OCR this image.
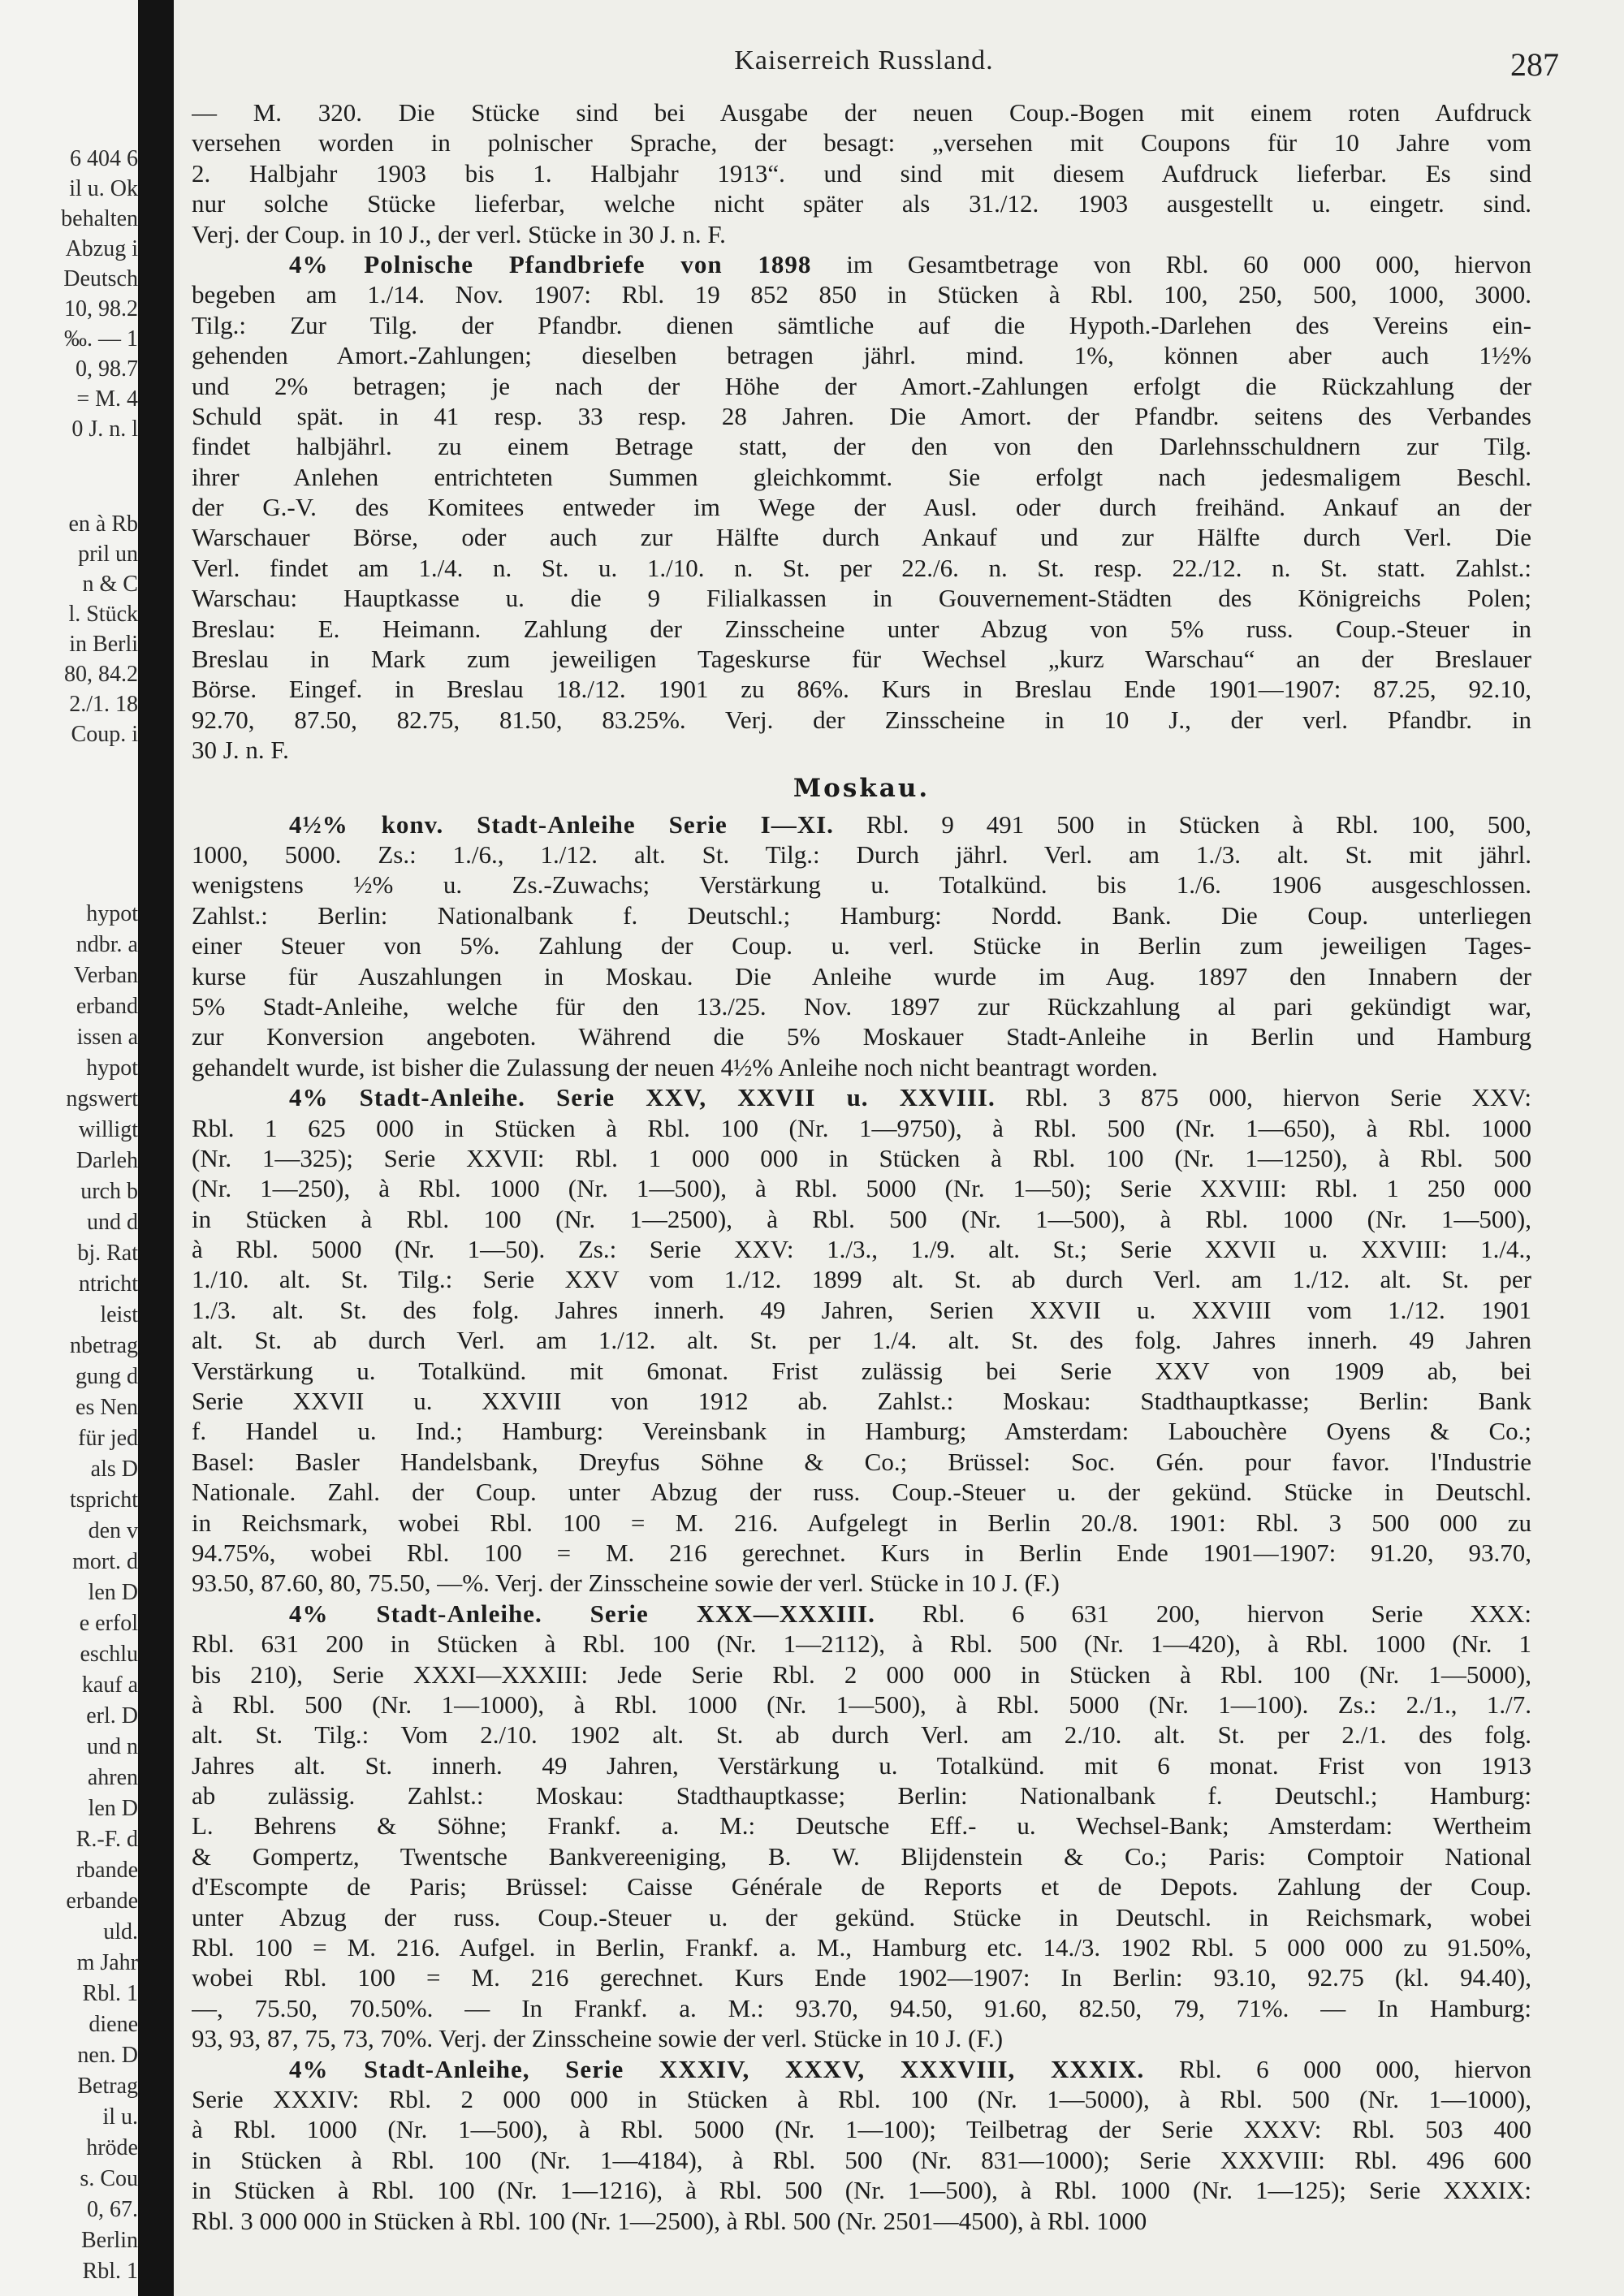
6 404 6
il u. Ok
behalten
Abzug i
Deutsch
10, 98.2
‰. — 1
0, 98.7
= M. 4
0 J. n. l
en à Rb
pril un
n & C
l. Stück
in Berli
80, 84.2
2./1. 18
Coup. i
hypot
ndbr. a
Verban
erband
issen a
hypot
ngswert
willigt
Darleh
urch b
und d
bj. Rat
ntricht
leist
nbetrag
gung d
es Nen
für jed
als D
tspricht
den v
mort. d
len D
e erfol
eschlu
kauf a
erl. D
und n
ahren
len D
R.-F. d
rbande
erbande
uld.
m Jahr
Rbl. 1
diene
nen. D
Betrag
il u.
hröde
s. Cou
0, 67.
Berlin
Rbl. 1
Kaiserreich Russland.	287
— M. 320. Die Stücke sind bei Ausgabe der neuen Coup.-Bogen mit einem roten Aufdruck
versehen worden in polnischer Sprache, der besagt: „versehen mit Coupons für 10 Jahre vom
2. Halbjahr 1903 bis 1. Halbjahr 1913“. und sind mit diesem Aufdruck lieferbar. Es sind
nur solche Stücke lieferbar, welche nicht später als 31./12. 1903 ausgestellt u. eingetr. sind.
Verj. der Coup. in 10 J., der verl. Stücke in 30 J. n. F.
4% Polnische Pfandbriefe von 1898 im Gesamtbetrage von Rbl. 60 000 000, hiervon
begeben am 1./14. Nov. 1907: Rbl. 19 852 850 in Stücken à Rbl. 100, 250, 500, 1000, 3000.
Tilg.: Zur Tilg. der Pfandbr. dienen sämtliche auf die Hypoth.-Darlehen des Vereins ein-
gehenden Amort.-Zahlungen; dieselben betragen jährl. mind. 1%, können aber auch 1½%
und 2% betragen; je nach der Höhe der Amort.-Zahlungen erfolgt die Rückzahlung der
Schuld spät. in 41 resp. 33 resp. 28 Jahren. Die Amort. der Pfandbr. seitens des Verbandes
findet halbjährl. zu einem Betrage statt, der den von den Darlehnsschuldnern zur Tilg.
ihrer Anlehen entrichteten Summen gleichkommt. Sie erfolgt nach jedesmaligem Beschl.
der G.-V. des Komitees entweder im Wege der Ausl. oder durch freihänd. Ankauf an der
Warschauer Börse, oder auch zur Hälfte durch Ankauf und zur Hälfte durch Verl. Die
Verl. findet am 1./4. n. St. u. 1./10. n. St. per 22./6. n. St. resp. 22./12. n. St. statt. Zahlst.:
Warschau: Hauptkasse u. die 9 Filialkassen in Gouvernement-Städten des Königreichs Polen;
Breslau: E. Heimann. Zahlung der Zinsscheine unter Abzug von 5% russ. Coup.-Steuer in
Breslau in Mark zum jeweiligen Tageskurse für Wechsel „kurz Warschau“ an der Breslauer
Börse. Eingef. in Breslau 18./12. 1901 zu 86%. Kurs in Breslau Ende 1901—1907: 87.25, 92.10,
92.70, 87.50, 82.75, 81.50, 83.25%. Verj. der Zinsscheine in 10 J., der verl. Pfandbr. in
30 J. n. F.
Moskau.
4½% konv. Stadt-Anleihe Serie I—XI. Rbl. 9 491 500 in Stücken à Rbl. 100, 500,
1000, 5000. Zs.: 1./6., 1./12. alt. St. Tilg.: Durch jährl. Verl. am 1./3. alt. St. mit jährl.
wenigstens ½% u. Zs.-Zuwachs; Verstärkung u. Totalkünd. bis 1./6. 1906 ausgeschlossen.
Zahlst.: Berlin: Nationalbank f. Deutschl.; Hamburg: Nordd. Bank. Die Coup. unterliegen
einer Steuer von 5%. Zahlung der Coup. u. verl. Stücke in Berlin zum jeweiligen Tages-
kurse für Auszahlungen in Moskau. Die Anleihe wurde im Aug. 1897 den Innabern der
5% Stadt-Anleihe, welche für den 13./25. Nov. 1897 zur Rückzahlung al pari gekündigt war,
zur Konversion angeboten. Während die 5% Moskauer Stadt-Anleihe in Berlin und Hamburg
gehandelt wurde, ist bisher die Zulassung der neuen 4½% Anleihe noch nicht beantragt worden.
4% Stadt-Anleihe. Serie XXV, XXVII u. XXVIII. Rbl. 3 875 000, hiervon Serie XXV:
Rbl. 1 625 000 in Stücken à Rbl. 100 (Nr. 1—9750), à Rbl. 500 (Nr. 1—650), à Rbl. 1000
(Nr. 1—325); Serie XXVII: Rbl. 1 000 000 in Stücken à Rbl. 100 (Nr. 1—1250), à Rbl. 500
(Nr. 1—250), à Rbl. 1000 (Nr. 1—500), à Rbl. 5000 (Nr. 1—50); Serie XXVIII: Rbl. 1 250 000
in Stücken à Rbl. 100 (Nr. 1—2500), à Rbl. 500 (Nr. 1—500), à Rbl. 1000 (Nr. 1—500),
à Rbl. 5000 (Nr. 1—50). Zs.: Serie XXV: 1./3., 1./9. alt. St.; Serie XXVII u. XXVIII: 1./4.,
1./10. alt. St. Tilg.: Serie XXV vom 1./12. 1899 alt. St. ab durch Verl. am 1./12. alt. St. per
1./3. alt. St. des folg. Jahres innerh. 49 Jahren, Serien XXVII u. XXVIII vom 1./12. 1901
alt. St. ab durch Verl. am 1./12. alt. St. per 1./4. alt. St. des folg. Jahres innerh. 49 Jahren
Verstärkung u. Totalkünd. mit 6monat. Frist zulässig bei Serie XXV von 1909 ab, bei
Serie XXVII u. XXVIII von 1912 ab. Zahlst.: Moskau: Stadthauptkasse; Berlin: Bank
f. Handel u. Ind.; Hamburg: Vereinsbank in Hamburg; Amsterdam: Labouchère Oyens & Co.;
Basel: Basler Handelsbank, Dreyfus Söhne & Co.; Brüssel: Soc. Gén. pour favor. l'Industrie
Nationale. Zahl. der Coup. unter Abzug der russ. Coup.-Steuer u. der gekünd. Stücke in Deutschl.
in Reichsmark, wobei Rbl. 100 = M. 216. Aufgelegt in Berlin 20./8. 1901: Rbl. 3 500 000 zu
94.75%, wobei Rbl. 100 = M. 216 gerechnet. Kurs in Berlin Ende 1901—1907: 91.20, 93.70,
93.50, 87.60, 80, 75.50, —%. Verj. der Zinsscheine sowie der verl. Stücke in 10 J. (F.)
4% Stadt-Anleihe. Serie XXX—XXXIII. Rbl. 6 631 200, hiervon Serie XXX:
Rbl. 631 200 in Stücken à Rbl. 100 (Nr. 1—2112), à Rbl. 500 (Nr. 1—420), à Rbl. 1000 (Nr. 1
bis 210), Serie XXXI—XXXIII: Jede Serie Rbl. 2 000 000 in Stücken à Rbl. 100 (Nr. 1—5000),
à Rbl. 500 (Nr. 1—1000), à Rbl. 1000 (Nr. 1—500), à Rbl. 5000 (Nr. 1—100). Zs.: 2./1., 1./7.
alt. St. Tilg.: Vom 2./10. 1902 alt. St. ab durch Verl. am 2./10. alt. St. per 2./1. des folg.
Jahres alt. St. innerh. 49 Jahren, Verstärkung u. Totalkünd. mit 6 monat. Frist von 1913
ab zulässig. Zahlst.: Moskau: Stadthauptkasse; Berlin: Nationalbank f. Deutschl.; Hamburg:
L. Behrens & Söhne; Frankf. a. M.: Deutsche Eff.- u. Wechsel-Bank; Amsterdam: Wertheim
& Gompertz, Twentsche Bankvereeniging, B. W. Blijdenstein & Co.; Paris: Comptoir National
d'Escompte de Paris; Brüssel: Caisse Générale de Reports et de Depots. Zahlung der Coup.
unter Abzug der russ. Coup.-Steuer u. der gekünd. Stücke in Deutschl. in Reichsmark, wobei
Rbl. 100 = M. 216. Aufgel. in Berlin, Frankf. a. M., Hamburg etc. 14./3. 1902 Rbl. 5 000 000 zu 91.50%,
wobei Rbl. 100 = M. 216 gerechnet. Kurs Ende 1902—1907: In Berlin: 93.10, 92.75 (kl. 94.40),
—, 75.50, 70.50%. — In Frankf. a. M.: 93.70, 94.50, 91.60, 82.50, 79, 71%. — In Hamburg:
93, 93, 87, 75, 73, 70%. Verj. der Zinsscheine sowie der verl. Stücke in 10 J. (F.)
4% Stadt-Anleihe, Serie XXXIV, XXXV, XXXVIII, XXXIX. Rbl. 6 000 000, hiervon
Serie XXXIV: Rbl. 2 000 000 in Stücken à Rbl. 100 (Nr. 1—5000), à Rbl. 500 (Nr. 1—1000),
à Rbl. 1000 (Nr. 1—500), à Rbl. 5000 (Nr. 1—100); Teilbetrag der Serie XXXV: Rbl. 503 400
in Stücken à Rbl. 100 (Nr. 1—4184), à Rbl. 500 (Nr. 831—1000); Serie XXXVIII: Rbl. 496 600
in Stücken à Rbl. 100 (Nr. 1—1216), à Rbl. 500 (Nr. 1—500), à Rbl. 1000 (Nr. 1—125); Serie XXXIX:
Rbl. 3 000 000 in Stücken à Rbl. 100 (Nr. 1—2500), à Rbl. 500 (Nr. 2501—4500), à Rbl. 1000
